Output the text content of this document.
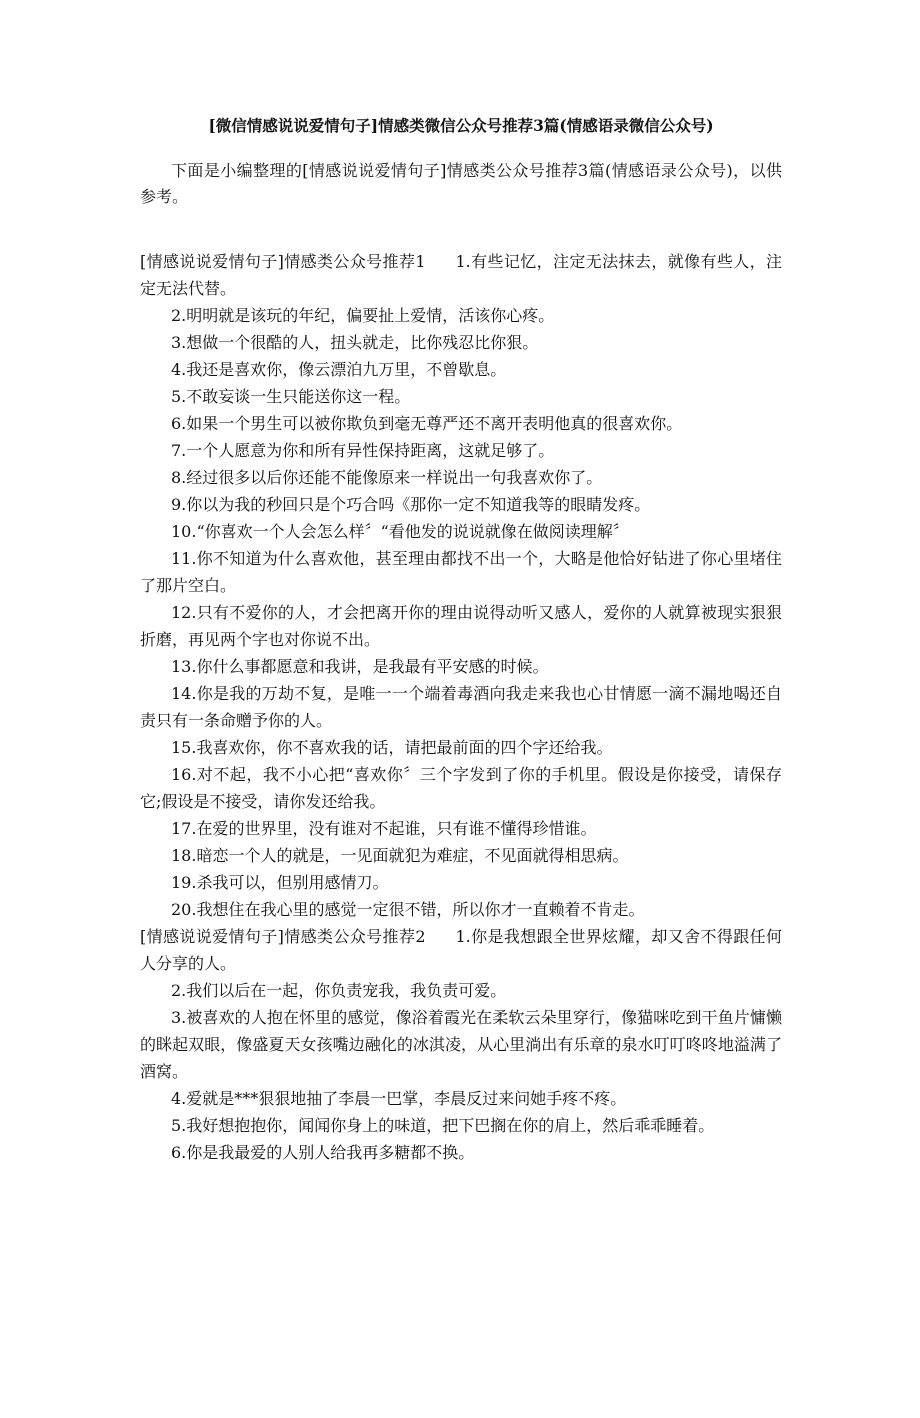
[微信情感说说爱情句子]情感类微信公众号推荐3篇(情感语录微信公众号)

下面是小编整理的[情感说说爱情句子]情感类公众号推荐3篇(情感语录公众号)，以供参考。

[情感说说爱情句子]情感类公众号推荐1 1.有些记忆，注定无法抹去，就像有些人，注定无法代替。

2.明明就是该玩的年纪，偏要扯上爱情，活该你心疼。

3.想做一个很酷的人，扭头就走，比你残忍比你狠。

4.我还是喜欢你，像云漂泊九万里，不曾歇息。

5.不敢妄谈一生只能送你这一程。

6.如果一个男生可以被你欺负到毫无尊严还不离开表明他真的很喜欢你。

7.一个人愿意为你和所有异性保持距离，这就足够了。

8.经过很多以后你还能不能像原来一样说出一句我喜欢你了。

9.你以为我的秒回只是个巧合吗《那你一定不知道我等的眼睛发疼。

10.“你喜欢一个人会怎么样〞“看他发的说说就像在做阅读理解〞

11.你不知道为什么喜欢他，甚至理由都找不出一个，大略是他恰好钻进了你心里堵住了那片空白。

12.只有不爱你的人，才会把离开你的理由说得动听又感人，爱你的人就算被现实狠狠折磨，再见两个字也对你说不出。

13.你什么事都愿意和我讲，是我最有平安感的时候。

14.你是我的万劫不复，是唯一一个端着毒酒向我走来我也心甘情愿一滴不漏地喝还自责只有一条命赠予你的人。

15.我喜欢你，你不喜欢我的话，请把最前面的四个字还给我。

16.对不起，我不小心把“喜欢你〞三个字发到了你的手机里。假设是你接受，请保存它;假设是不接受，请你发还给我。

17.在爱的世界里，没有谁对不起谁，只有谁不懂得珍惜谁。

18.暗恋一个人的就是，一见面就犯为难症，不见面就得相思病。

19.杀我可以，但别用感情刀。

20.我想住在我心里的感觉一定很不错，所以你才一直赖着不肯走。

[情感说说爱情句子]情感类公众号推荐2 1.你是我想跟全世界炫耀，却又舍不得跟任何人分享的人。

2.我们以后在一起，你负责宠我，我负责可爱。

3.被喜欢的人抱在怀里的感觉，像浴着霞光在柔软云朵里穿行，像猫咪吃到干鱼片慵懒的眯起双眼，像盛夏天女孩嘴边融化的冰淇凌，从心里淌出有乐章的泉水叮叮咚咚地溢满了酒窝。

4.爱就是***狠狠地抽了李晨一巴掌，李晨反过来问她手疼不疼。

5.我好想抱抱你，闻闻你身上的味道，把下巴搁在你的肩上，然后乖乖睡着。

6.你是我最爱的人别人给我再多糖都不换。
